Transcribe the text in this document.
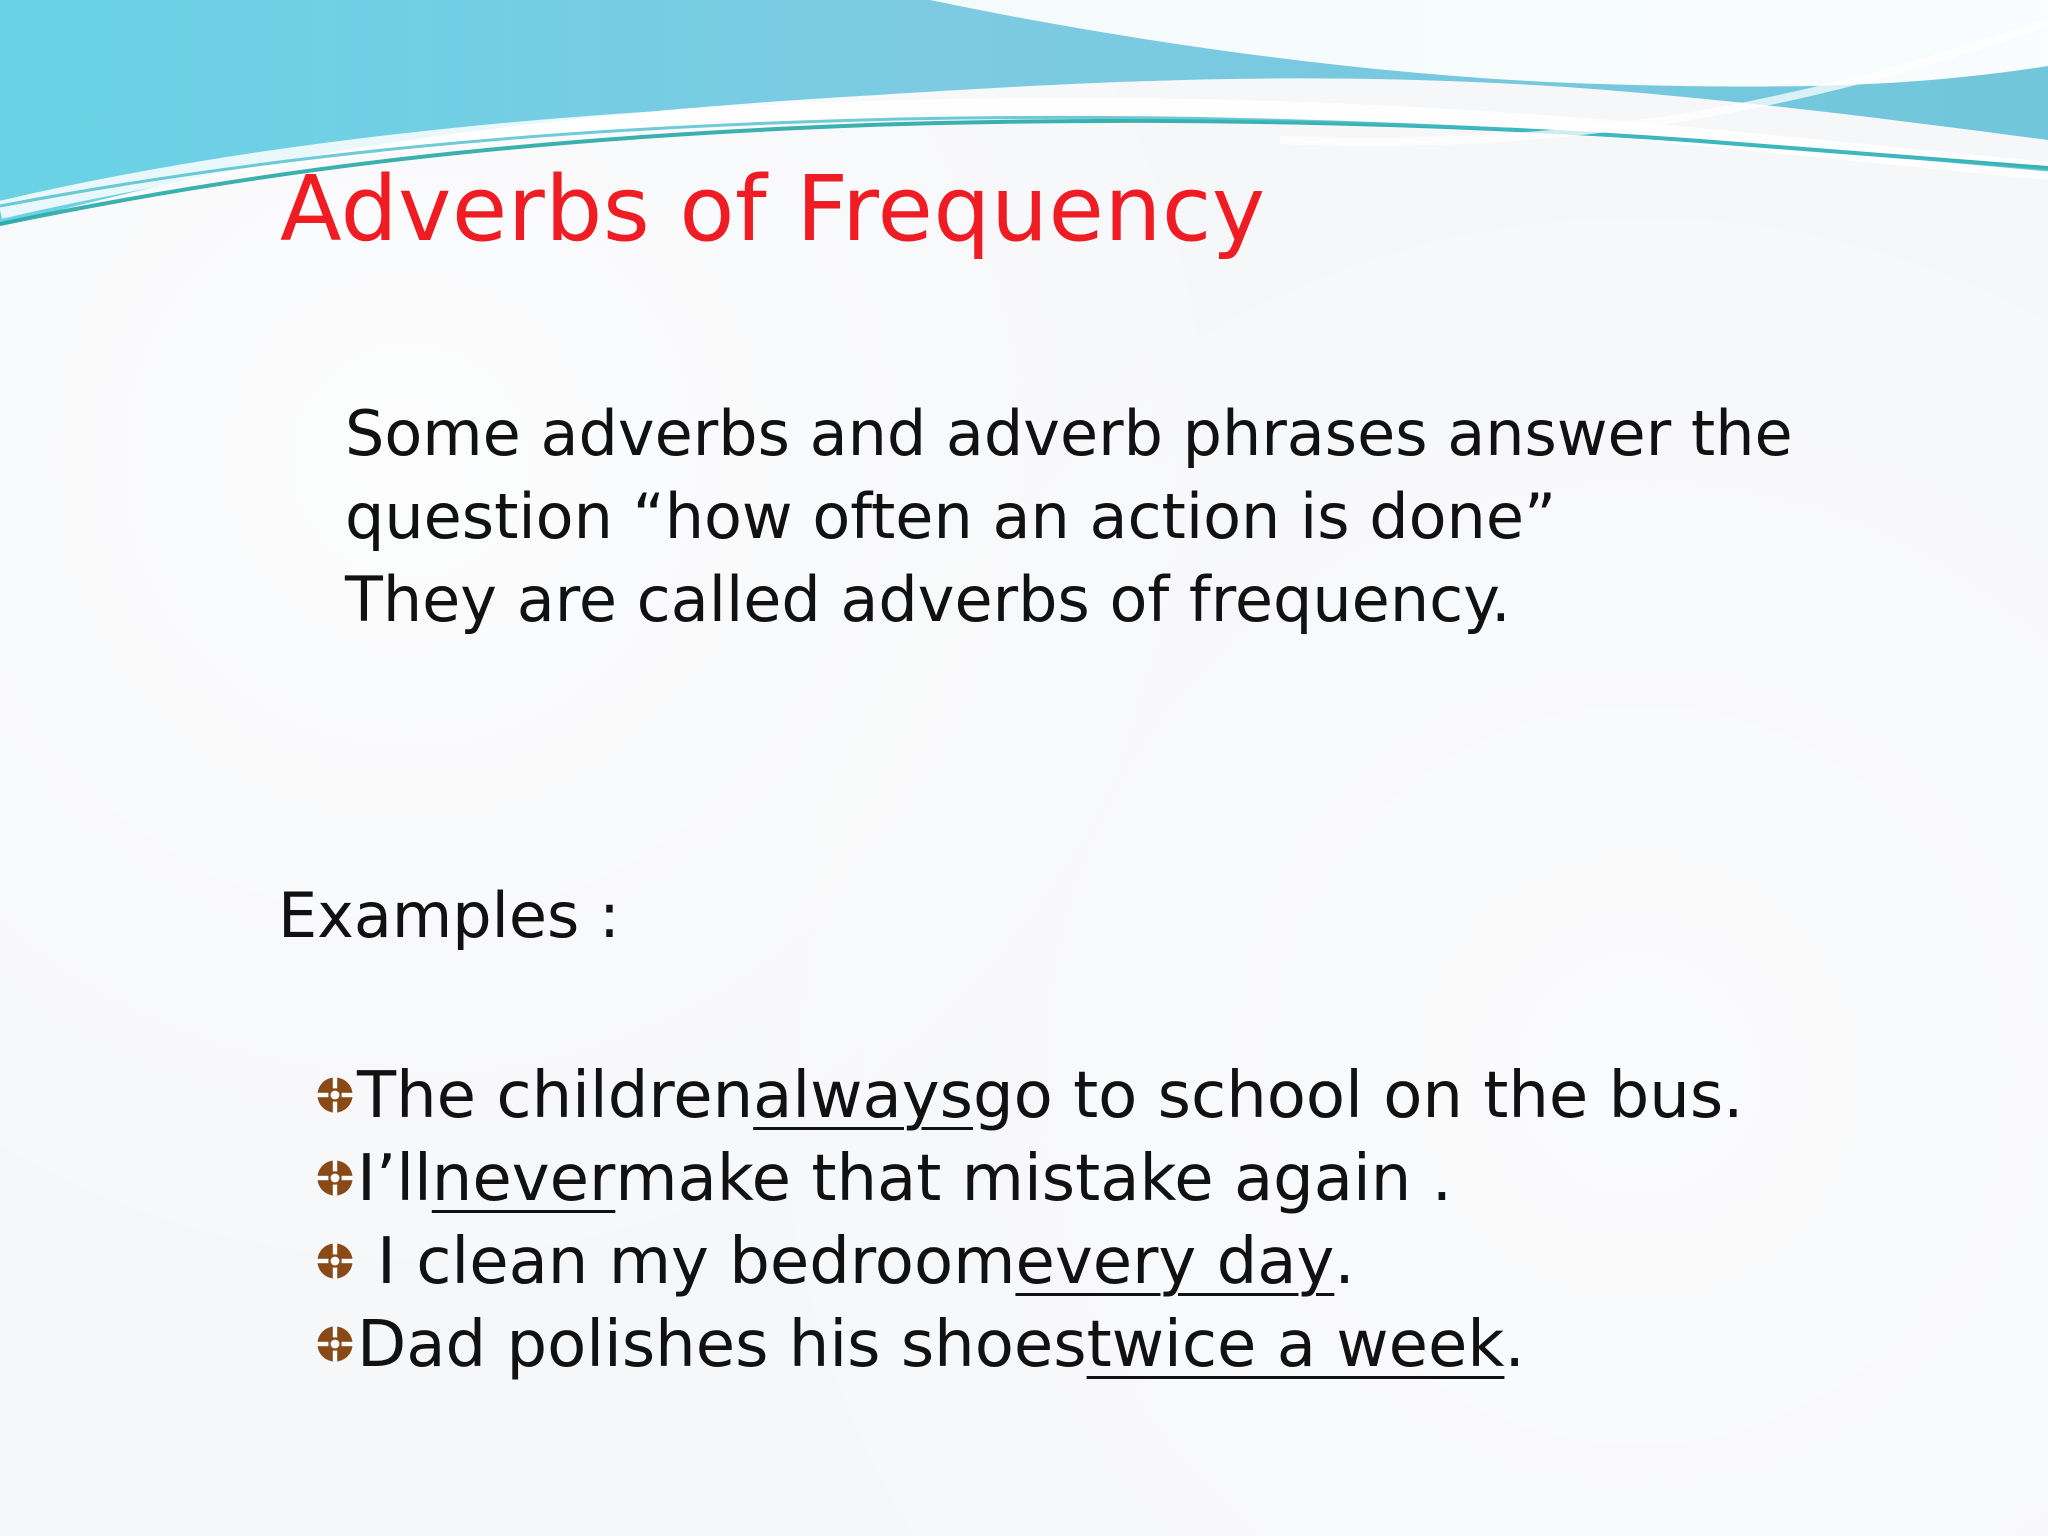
Adverbs of Frequency
Some adverbs and adverb phrases answer the
question “how often an action is done”
They are called adverbs of frequency.
Examples :
The children always go to school on the bus.
I’ll never make that mistake again .
I clean my bedroom every day .
Dad polishes his shoes twice a week .
